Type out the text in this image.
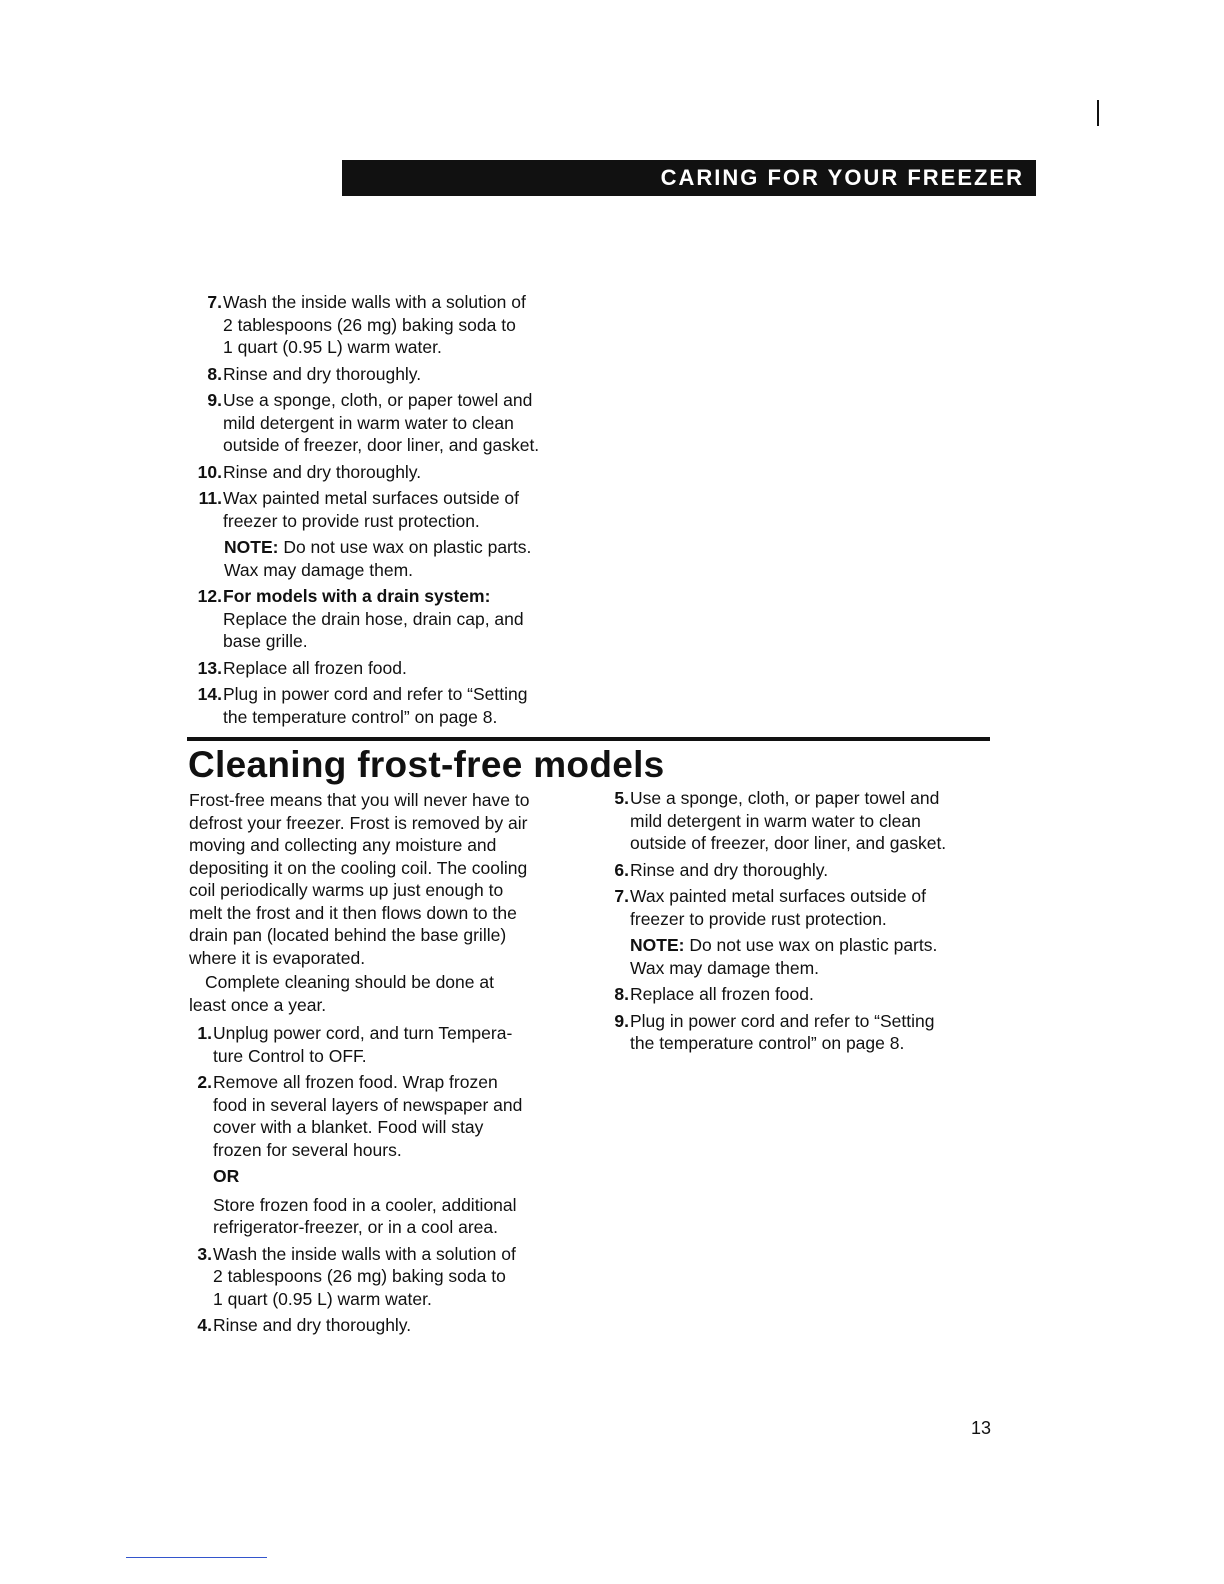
CARING FOR YOUR FREEZER
7. Wash the inside walls with a solution of
2 tablespoons (26 mg) baking soda to
1 quart (0.95 L) warm water.
8. Rinse and dry thoroughly.
9. Use a sponge, cloth, or paper towel and
mild detergent in warm water to clean
outside of freezer, door liner, and gasket.
10. Rinse and dry thoroughly.
11. Wax painted metal surfaces outside of
freezer to provide rust protection.
NOTE: Do not use wax on plastic parts.
Wax may damage them.
12. For models with a drain system:
Replace the drain hose, drain cap, and
base grille.
13. Replace all frozen food.
14. Plug in power cord and refer to “Setting
the temperature control” on page 8.
Cleaning frost-free models
Frost-free means that you will never have to
defrost your freezer. Frost is removed by air
moving and collecting any moisture and
depositing it on the cooling coil. The cooling
coil periodically warms up just enough to
melt the frost and it then flows down to the
drain pan (located behind the base grille)
where it is evaporated.
Complete cleaning should be done at
least once a year.
1. Unplug power cord, and turn Tempera-
ture Control to OFF.
2. Remove all frozen food. Wrap frozen
food in several layers of newspaper and
cover with a blanket. Food will stay
frozen for several hours.
OR
Store frozen food in a cooler, additional
refrigerator-freezer, or in a cool area.
3. Wash the inside walls with a solution of
2 tablespoons (26 mg) baking soda to
1 quart (0.95 L) warm water.
4. Rinse and dry thoroughly.
5. Use a sponge, cloth, or paper towel and
mild detergent in warm water to clean
outside of freezer, door liner, and gasket.
6. Rinse and dry thoroughly.
7. Wax painted metal surfaces outside of
freezer to provide rust protection.
NOTE: Do not use wax on plastic parts.
Wax may damage them.
8. Replace all frozen food.
9. Plug in power cord and refer to “Setting
the temperature control” on page 8.
13
